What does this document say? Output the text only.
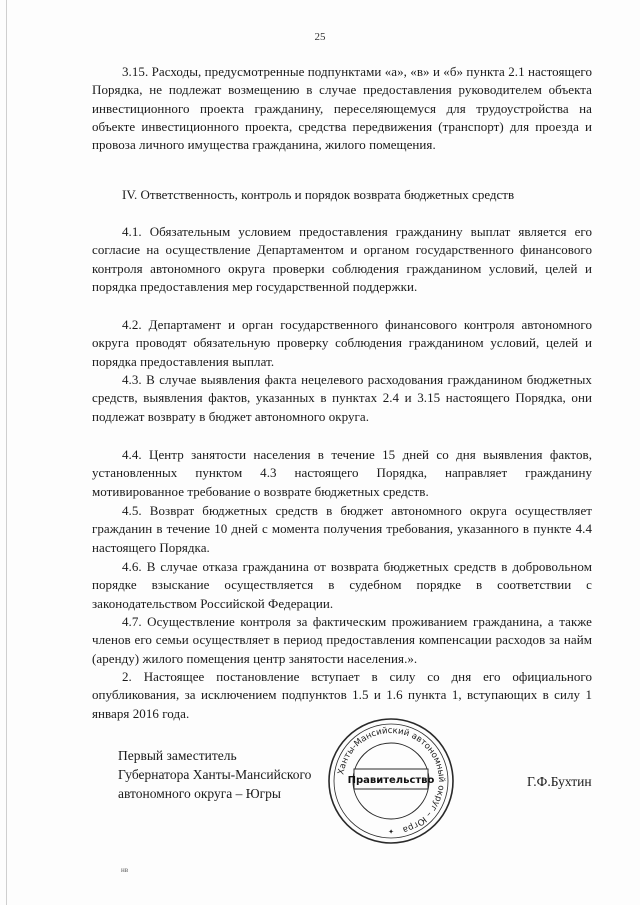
25

3.15. Расходы, предусмотренные подпунктами «а», «в» и «б» пункта 2.1 настоящего Порядка, не подлежат возмещению в случае предоставления руководителем объекта инвестиционного проекта гражданину, переселяющемуся для трудоустройства на объекте инвестиционного проекта, средства передвижения (транспорт) для проезда и провоза личного имущества гражданина, жилого помещения.

IV. Ответственность, контроль и порядок возврата бюджетных средств

4.1. Обязательным условием предоставления гражданину выплат является его согласие на осуществление Департаментом и органом государственного финансового контроля автономного округа проверки соблюдения гражданином условий, целей и порядка предоставления мер государственной поддержки.

4.2. Департамент и орган государственного финансового контроля автономного округа проводят обязательную проверку соблюдения гражданином условий, целей и порядка предоставления выплат.

4.3. В случае выявления факта нецелевого расходования гражданином бюджетных средств, выявления фактов, указанных в пунктах 2.4 и 3.15 настоящего Порядка, они подлежат возврату в бюджет автономного округа.

4.4. Центр занятости населения в течение 15 дней со дня выявления фактов, установленных пунктом 4.3 настоящего Порядка, направляет гражданину мотивированное требование о возврате бюджетных средств.

4.5. Возврат бюджетных средств в бюджет автономного округа осуществляет гражданин в течение 10 дней с момента получения требования, указанного в пункте 4.4 настоящего Порядка.

4.6. В случае отказа гражданина от возврата бюджетных средств в добровольном порядке взыскание осуществляется в судебном порядке в соответствии с законодательством Российской Федерации.

4.7. Осуществление контроля за фактическим проживанием гражданина, а также членов его семьи осуществляет в период предоставления компенсации расходов за найм (аренду) жилого помещения центр занятости населения.».

2. Настоящее постановление вступает в силу со дня его официального опубликования, за исключением подпунктов 1.5 и 1.6 пункта 1, вступающих в силу 1 января 2016 года.

Первый заместитель
Губернатора Ханты-Мансийского
автономного округа – Югры
Ханты-Мансийский автономный округ – Югра
Правительство
✦
Г.Ф.Бухтин
нв
